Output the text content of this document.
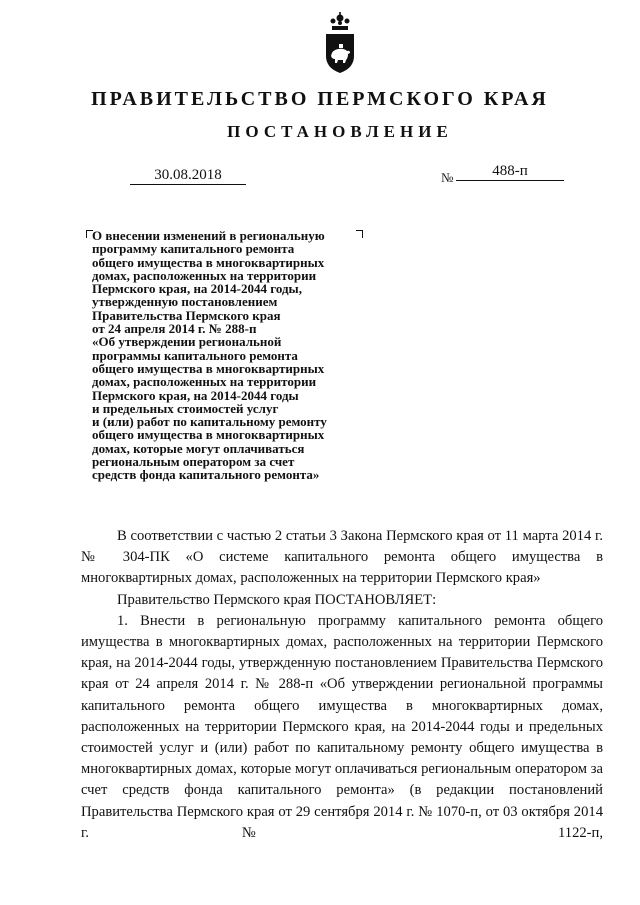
ПРАВИТЕЛЬСТВО ПЕРМСКОГО КРАЯ
ПОСТАНОВЛЕНИЕ
30.08.2018	№	488-п
О внесении изменений в региональную
программу капитального ремонта
общего имущества в многоквартирных
домах, расположенных на территории
Пермского края, на 2014-2044 годы,
утвержденную постановлением
Правительства Пермского края
от 24 апреля 2014 г. № 288-п
«Об утверждении региональной
программы капитального ремонта
общего имущества в многоквартирных
домах, расположенных на территории
Пермского края, на 2014-2044 годы
и предельных стоимостей услуг
и (или) работ по капитальному ремонту
общего имущества в многоквартирных
домах, которые могут оплачиваться
региональным оператором за счет
средств фонда капитального ремонта»

В соответствии с частью 2 статьи 3 Закона Пермского края от 11 марта 2014 г. № 304-ПК «О системе капитального ремонта общего имущества в многоквартирных домах, расположенных на территории Пермского края»

Правительство Пермского края ПОСТАНОВЛЯЕТ:

1. Внести в региональную программу капитального ремонта общего имущества в многоквартирных домах, расположенных на территории Пермского края, на 2014-2044 годы, утвержденную постановлением Правительства Пермского края от 24 апреля 2014 г. № 288-п «Об утверждении региональной программы капитального ремонта общего имущества в многоквартирных домах, расположенных на территории Пермского края, на 2014-2044 годы и предельных стоимостей услуг и (или) работ по капитальному ремонту общего имущества в многоквартирных домах, которые могут оплачиваться региональным оператором за счет средств фонда капитального ремонта» (в редакции постановлений Правительства Пермского края от 29 сентября 2014 г. № 1070-п, от 03 октября 2014 г. № 1122-п,
